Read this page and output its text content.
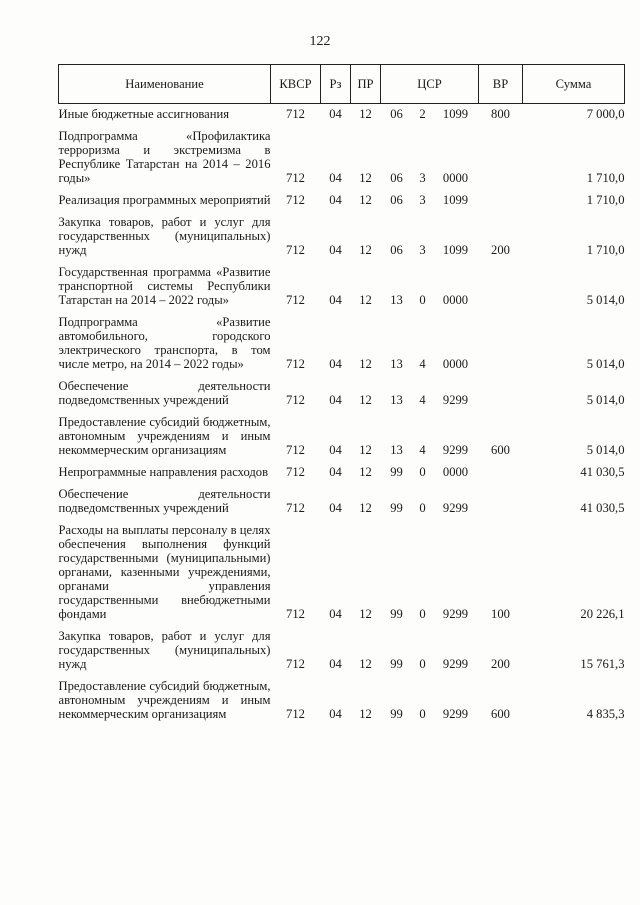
122
Наименование	КВСР	Рз	ПР	ЦСР			ВР	Сумма
Иные бюджетные ассигнования	712	04	12	06	2	1099	800	7 000,0
Подпрограмма «Профилактика терроризма и экстремизма в Республике Татарстан на 2014 – 2016 годы»	712	04	12	06	3	0000		1 710,0
Реализация программных мероприятий	712	04	12	06	3	1099		1 710,0
Закупка товаров, работ и услуг для государственных (муниципальных) нужд	712	04	12	06	3	1099	200	1 710,0
Государственная программа «Развитие транспортной системы Республики Татарстан на 2014 – 2022 годы»	712	04	12	13	0	0000		5 014,0
Подпрограмма «Развитие автомобильного, городского электрического транспорта, в том числе метро, на 2014 – 2022 годы»	712	04	12	13	4	0000		5 014,0
Обеспечение деятельности подведомственных учреждений	712	04	12	13	4	9299		5 014,0
Предоставление субсидий бюджетным, автономным учреждениям и иным некоммерческим организациям	712	04	12	13	4	9299	600	5 014,0
Непрограммные направления расходов	712	04	12	99	0	0000		41 030,5
Обеспечение деятельности подведомственных учреждений	712	04	12	99	0	9299		41 030,5
Расходы на выплаты персоналу в целях обеспечения выполнения функций государственными (муниципальными) органами, казенными учреждениями, органами управления государственными внебюджетными фондами	712	04	12	99	0	9299	100	20 226,1
Закупка товаров, работ и услуг для государственных (муниципальных) нужд	712	04	12	99	0	9299	200	15 761,3
Предоставление субсидий бюджетным, автономным учреждениям и иным некоммерческим организациям	712	04	12	99	0	9299	600	4 835,3
